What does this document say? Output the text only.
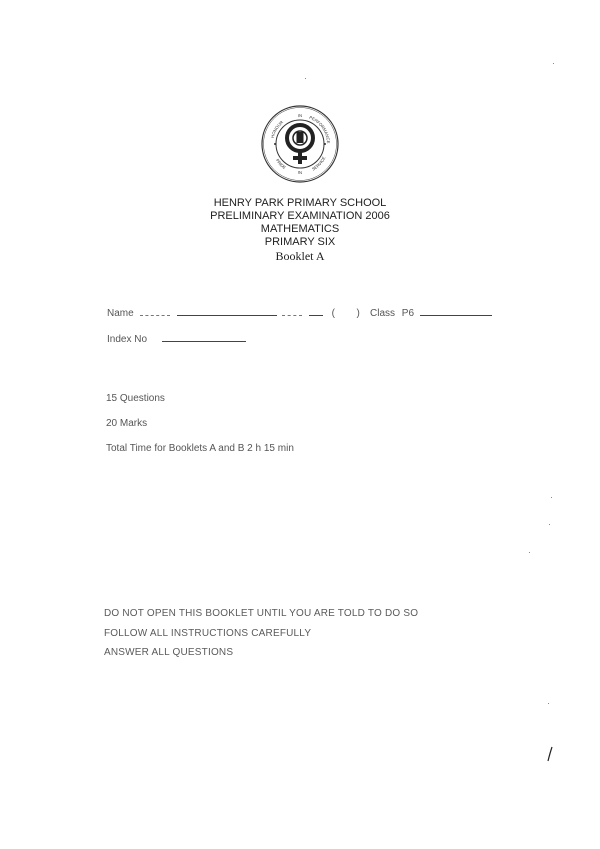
HONOUR
IN PERFORMANCE
PRIDE
IN
SERVICE
HENRY PARK PRIMARY SCHOOL
PRELIMINARY EXAMINATION 2006
MATHEMATICS
PRIMARY SIX
Booklet A
Name	( ) Class P6
Index No
15 Questions
20 Marks
Total Time for Booklets A and B 2 h 15 min
DO NOT OPEN THIS BOOKLET UNTIL YOU ARE TOLD TO DO SO
FOLLOW ALL INSTRUCTIONS CAREFULLY
ANSWER ALL QUESTIONS
